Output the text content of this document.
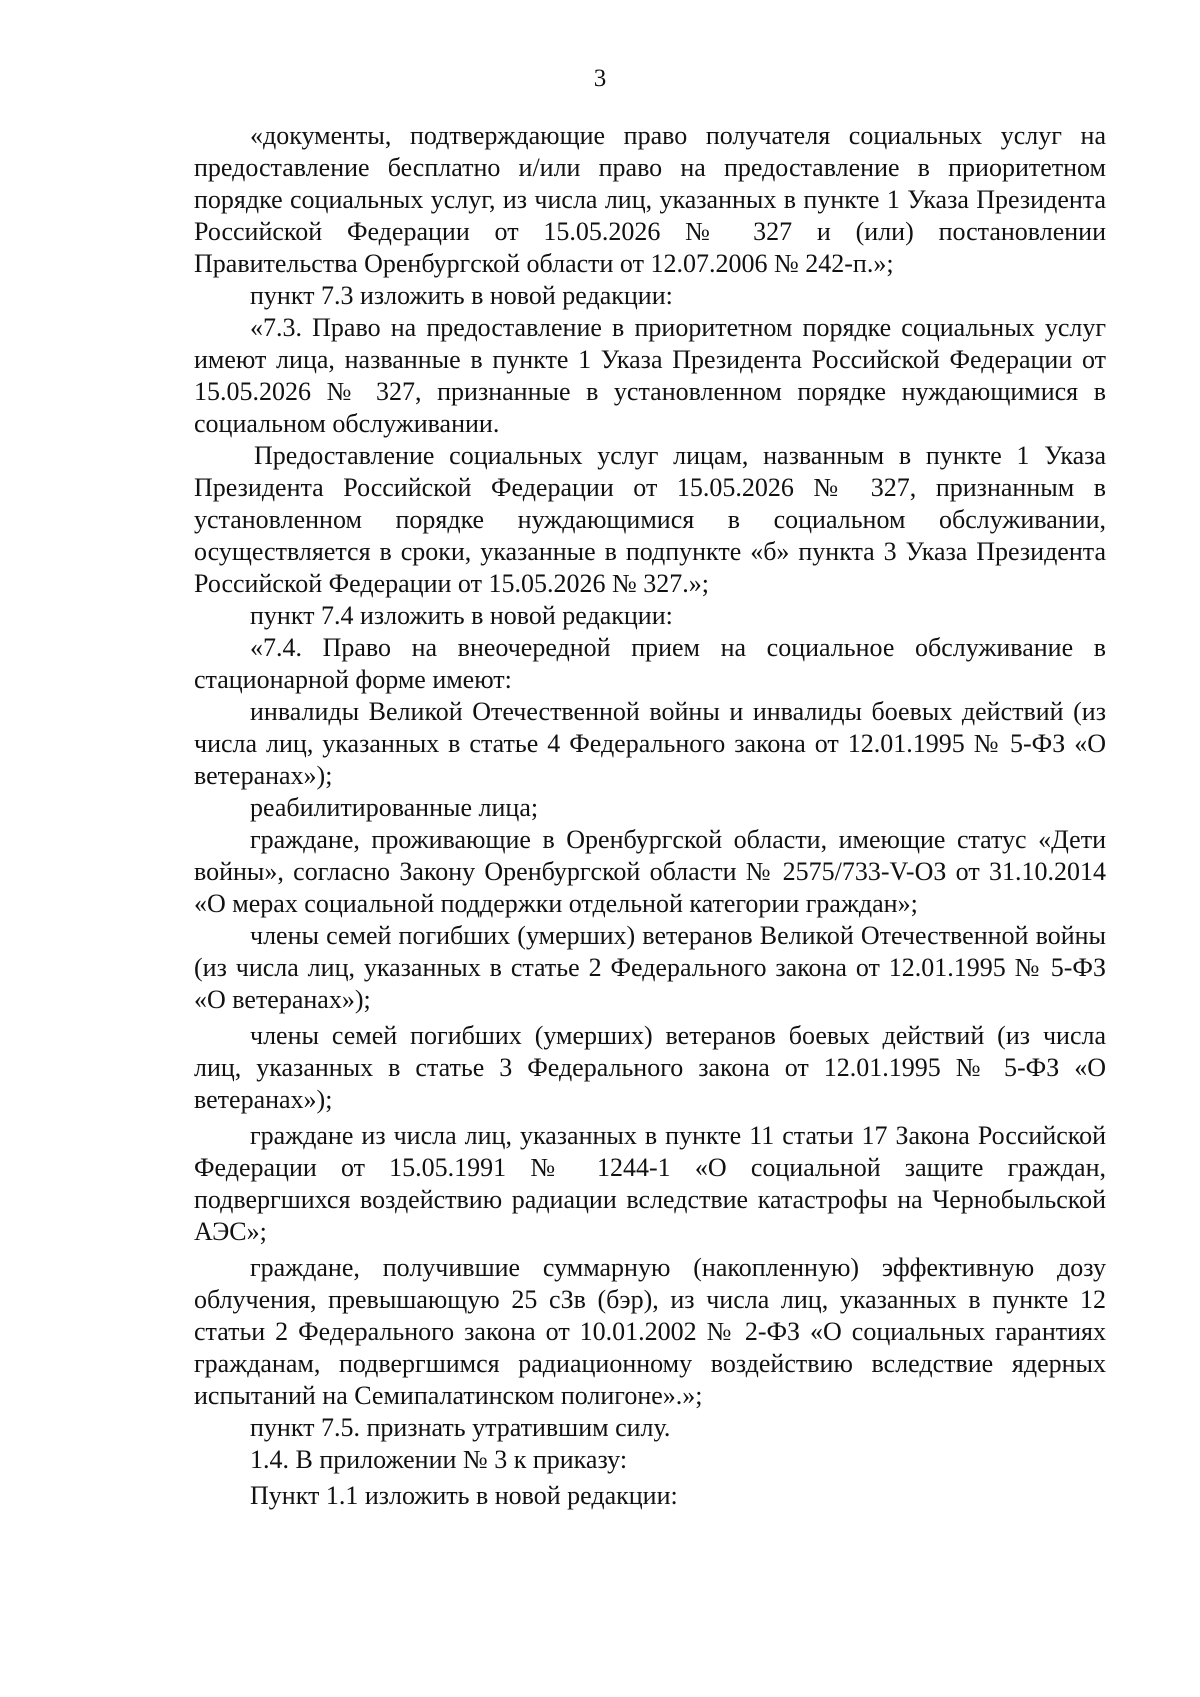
3

«документы, подтверждающие право получателя социальных услуг на предоставление бесплатно и/или право на предоставление в приоритетном порядке социальных услуг, из числа лиц, указанных в пункте 1 Указа Президента Российской Федерации от 15.05.2026 № 327 и (или) постановлении Правительства Оренбургской области от 12.07.2006 № 242-п.»;

пункт 7.3 изложить в новой редакции:

«7.3. Право на предоставление в приоритетном порядке социальных услуг имеют лица, названные в пункте 1 Указа Президента Российской Федерации от 15.05.2026 № 327, признанные в установленном порядке нуждающимися в социальном обслуживании.

Предоставление социальных услуг лицам, названным в пункте 1 Указа Президента Российской Федерации от 15.05.2026 № 327, признанным в установленном порядке нуждающимися в социальном обслуживании, осуществляется в сроки, указанные в подпункте «б» пункта 3 Указа Президента Российской Федерации от 15.05.2026 № 327.»;

пункт 7.4 изложить в новой редакции:

«7.4. Право на внеочередной прием на социальное обслуживание в стационарной форме имеют:

инвалиды Великой Отечественной войны и инвалиды боевых действий (из числа лиц, указанных в статье 4 Федерального закона от 12.01.1995 № 5-ФЗ «О ветеранах»);

реабилитированные лица;

граждане, проживающие в Оренбургской области, имеющие статус «Дети войны», согласно Закону Оренбургской области № 2575/733-V-ОЗ от 31.10.2014 «О мерах социальной поддержки отдельной категории граждан»;

члены семей погибших (умерших) ветеранов Великой Отечественной войны (из числа лиц, указанных в статье 2 Федерального закона от 12.01.1995 № 5-ФЗ «О ветеранах»);

члены семей погибших (умерших) ветеранов боевых действий (из числа лиц, указанных в статье 3 Федерального закона от 12.01.1995 № 5-ФЗ «О ветеранах»);

граждане из числа лиц, указанных в пункте 11 статьи 17 Закона Российской Федерации от 15.05.1991 № 1244-1 «О социальной защите граждан, подвергшихся воздействию радиации вследствие катастрофы на Чернобыльской АЭС»;

граждане, получившие суммарную (накопленную) эффективную дозу облучения, превышающую 25 сЗв (бэр), из числа лиц, указанных в пункте 12 статьи 2 Федерального закона от 10.01.2002 № 2-ФЗ «О социальных гарантиях гражданам, подвергшимся радиационному воздействию вследствие ядерных испытаний на Семипалатинском полигоне».»;

пункт 7.5. признать утратившим силу.

1.4. В приложении № 3 к приказу:

Пункт 1.1 изложить в новой редакции:
